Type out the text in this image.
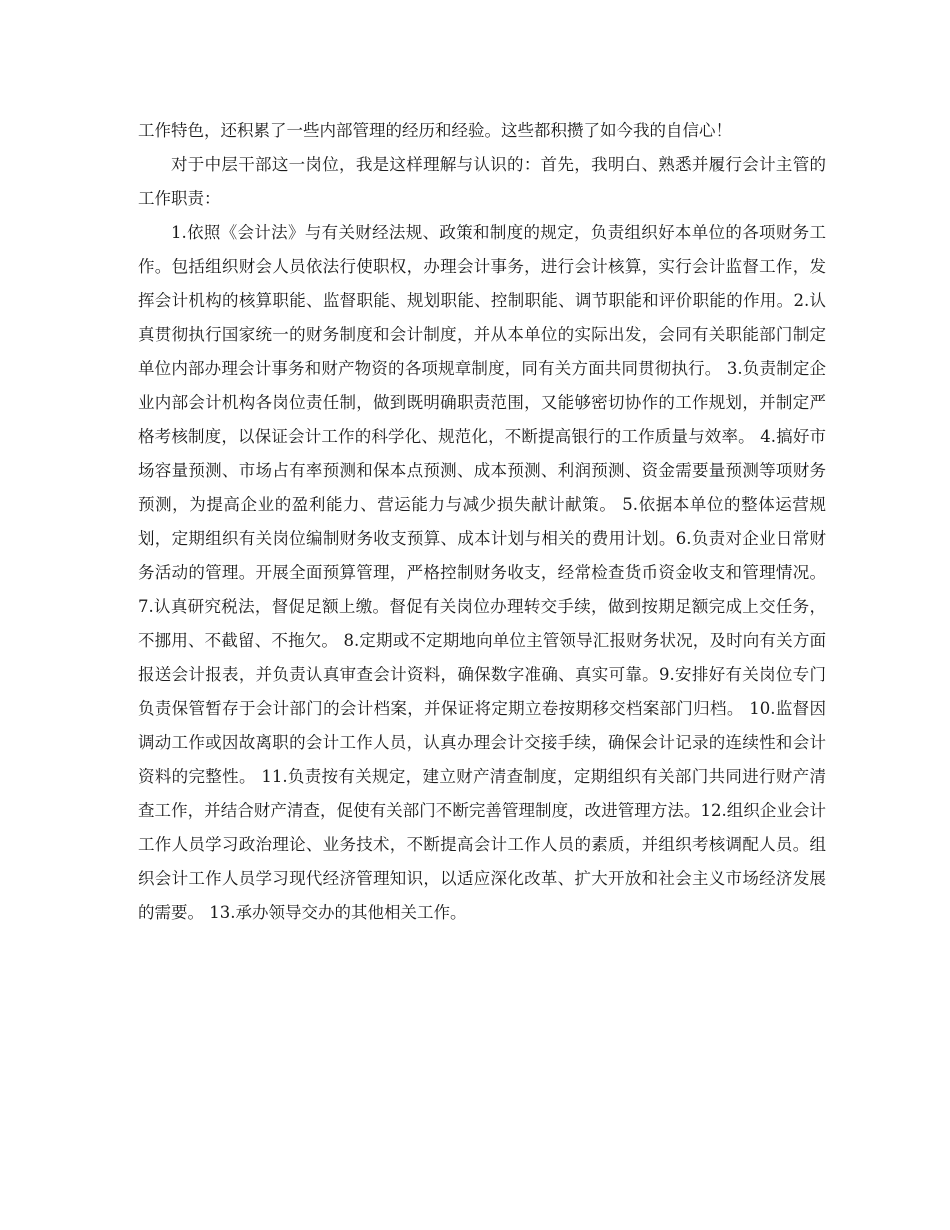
工作特色，还积累了一些内部管理的经历和经验。这些都积攒了如今我的自信心！

对于中层干部这一岗位，我是这样理解与认识的：首先，我明白、熟悉并履行会计主管的工作职责：

1.依照《会计法》与有关财经法规、政策和制度的规定，负责组织好本单位的各项财务工作。包括组织财会人员依法行使职权，办理会计事务，进行会计核算，实行会计监督工作，发挥会计机构的核算职能、监督职能、规划职能、控制职能、调节职能和评价职能的作用。2.认真贯彻执行国家统一的财务制度和会计制度，并从本单位的实际出发，会同有关职能部门制定单位内部办理会计事务和财产物资的各项规章制度，同有关方面共同贯彻执行。 3.负责制定企业内部会计机构各岗位责任制，做到既明确职责范围，又能够密切协作的工作规划，并制定严格考核制度，以保证会计工作的科学化、规范化，不断提高银行的工作质量与效率。 4.搞好市场容量预测、市场占有率预测和保本点预测、成本预测、利润预测、资金需要量预测等项财务预测，为提高企业的盈利能力、营运能力与减少损失献计献策。 5.依据本单位的整体运营规划，定期组织有关岗位编制财务收支预算、成本计划与相关的费用计划。6.负责对企业日常财务活动的管理。开展全面预算管理，严格控制财务收支，经常检查货币资金收支和管理情况。7.认真研究税法，督促足额上缴。督促有关岗位办理转交手续，做到按期足额完成上交任务，不挪用、不截留、不拖欠。 8.定期或不定期地向单位主管领导汇报财务状况，及时向有关方面报送会计报表，并负责认真审查会计资料，确保数字准确、真实可靠。9.安排好有关岗位专门负责保管暂存于会计部门的会计档案，并保证将定期立卷按期移交档案部门归档。 10.监督因调动工作或因故离职的会计工作人员，认真办理会计交接手续，确保会计记录的连续性和会计资料的完整性。 11.负责按有关规定，建立财产清查制度，定期组织有关部门共同进行财产清查工作，并结合财产清查，促使有关部门不断完善管理制度，改进管理方法。12.组织企业会计工作人员学习政治理论、业务技术，不断提高会计工作人员的素质，并组织考核调配人员。组织会计工作人员学习现代经济管理知识，以适应深化改革、扩大开放和社会主义市场经济发展的需要。 13.承办领导交办的其他相关工作。
